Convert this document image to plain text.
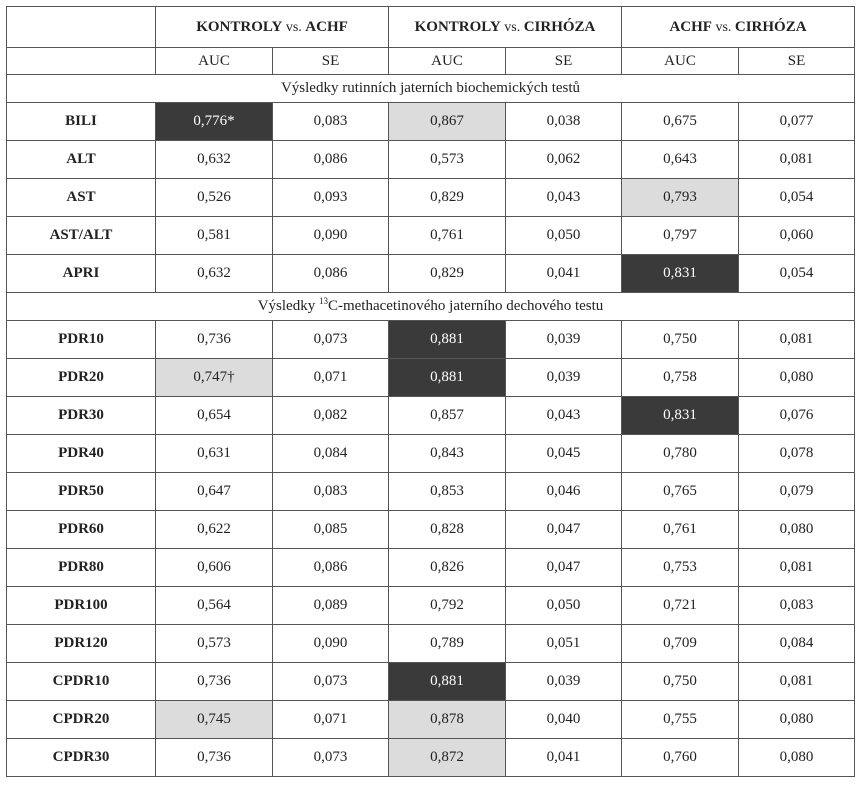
	KONTROLY vs. ACHF		KONTROLY vs. CIRHÓZA		ACHF vs. CIRHÓZA	
	AUC	SE	AUC	SE	AUC	SE
Výsledky rutinních jaterních biochemických testů						
BILI	0,776*	0,083	0,867	0,038	0,675	0,077
ALT	0,632	0,086	0,573	0,062	0,643	0,081
AST	0,526	0,093	0,829	0,043	0,793	0,054
AST/ALT	0,581	0,090	0,761	0,050	0,797	0,060
APRI	0,632	0,086	0,829	0,041	0,831	0,054
Výsledky $^{13}$C-methacetinového jaterního dechového testu						
PDR10	0,736	0,073	0,881	0,039	0,750	0,081
PDR20	0,747†	0,071	0,881	0,039	0,758	0,080
PDR30	0,654	0,082	0,857	0,043	0,831	0,076
PDR40	0,631	0,084	0,843	0,045	0,780	0,078
PDR50	0,647	0,083	0,853	0,046	0,765	0,079
PDR60	0,622	0,085	0,828	0,047	0,761	0,080
PDR80	0,606	0,086	0,826	0,047	0,753	0,081
PDR100	0,564	0,089	0,792	0,050	0,721	0,083
PDR120	0,573	0,090	0,789	0,051	0,709	0,084
CPDR10	0,736	0,073	0,881	0,039	0,750	0,081
CPDR20	0,745	0,071	0,878	0,040	0,755	0,080
CPDR30	0,736	0,073	0,872	0,041	0,760	0,080
